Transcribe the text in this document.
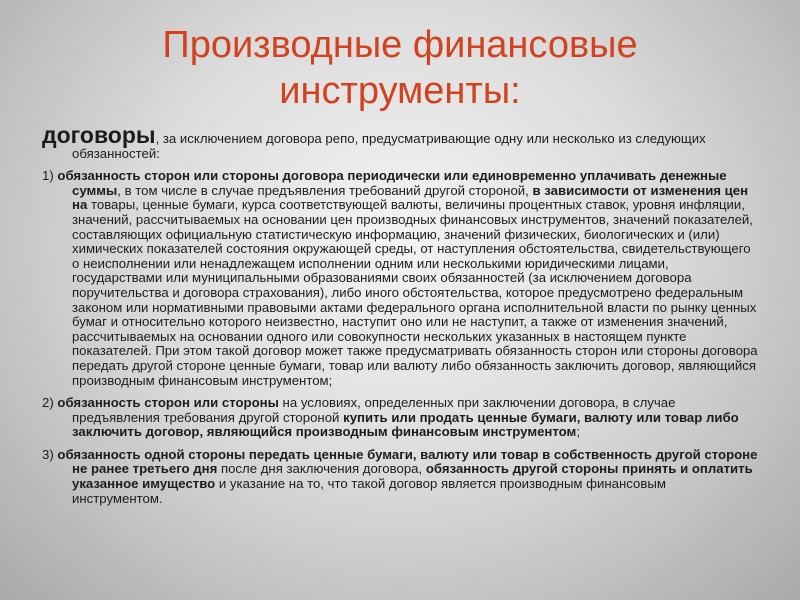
Производные финансовые
инструменты:

договоры, за исключением договора репо, предусматривающие одну или несколько из следующих обязанностей:

1) обязанность сторон или стороны договора периодически или единовременно уплачивать денежные суммы, в том числе в случае предъявления требований другой стороной, в зависимости от изменения цен на товары, ценные бумаги, курса соответствующей валюты, величины процентных ставок, уровня инфляции, значений, рассчитываемых на основании цен производных финансовых инструментов, значений показателей, составляющих официальную статистическую информацию, значений физических, биологических и (или) химических показателей состояния окружающей среды, от наступления обстоятельства, свидетельствующего о неисполнении или ненадлежащем исполнении одним или несколькими юридическими лицами, государствами или муниципальными образованиями своих обязанностей (за исключением договора поручительства и договора страхования), либо иного обстоятельства, которое предусмотрено федеральным законом или нормативными правовыми актами федерального органа исполнительной власти по рынку ценных бумаг и относительно которого неизвестно, наступит оно или не наступит, а также от изменения значений, рассчитываемых на основании одного или совокупности нескольких указанных в настоящем пункте показателей. При этом такой договор может также предусматривать обязанность сторон или стороны договора передать другой стороне ценные бумаги, товар или валюту либо обязанность заключить договор, являющийся производным финансовым инструментом;

2) обязанность сторон или стороны на условиях, определенных при заключении договора, в случае предъявления требования другой стороной купить или продать ценные бумаги, валюту или товар либо заключить договор, являющийся производным финансовым инструментом;

3) обязанность одной стороны передать ценные бумаги, валюту или товар в собственность другой стороне не ранее третьего дня после дня заключения договора, обязанность другой стороны принять и оплатить указанное имущество и указание на то, что такой договор является производным финансовым инструментом.
